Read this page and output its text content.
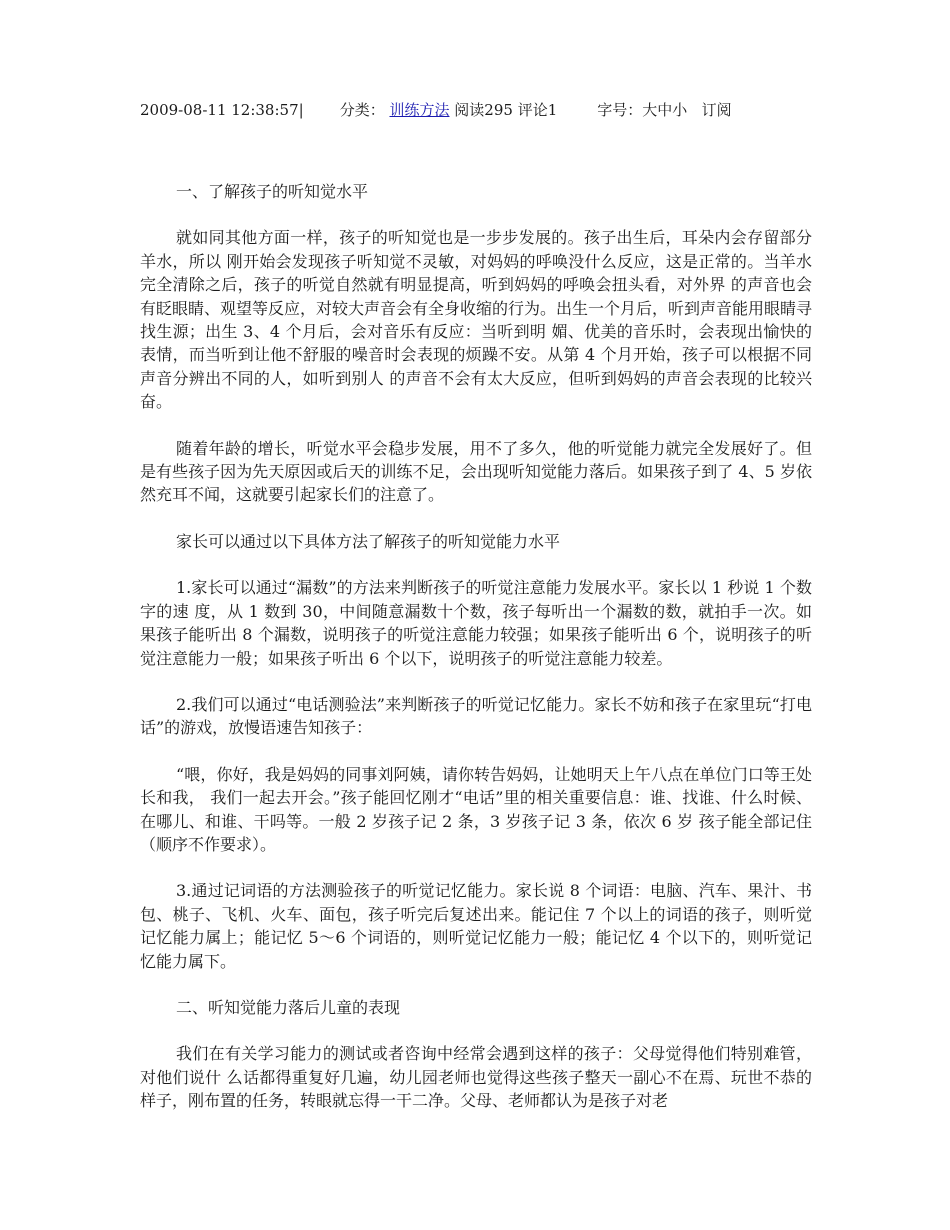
2009-08-11 12:38:57| 分类： 训练方法 阅读295 评论1	字号：大中小 订阅

一、了解孩子的听知觉水平

就如同其他方面一样，孩子的听知觉也是一步步发展的。孩子出生后，耳朵内会存留部分羊水，所以 刚开始会发现孩子听知觉不灵敏，对妈妈的呼唤没什么反应，这是正常的。当羊水完全清除之后，孩子的听觉自然就有明显提高，听到妈妈的呼唤会扭头看，对外界 的声音也会有眨眼睛、观望等反应，对较大声音会有全身收缩的行为。出生一个月后，听到声音能用眼睛寻找生源；出生 3、4 个月后，会对音乐有反应：当听到明 媚、优美的音乐时，会表现出愉快的表情，而当听到让他不舒服的噪音时会表现的烦躁不安。从第 4 个月开始，孩子可以根据不同声音分辨出不同的人，如听到别人 的声音不会有太大反应，但听到妈妈的声音会表现的比较兴奋。

随着年龄的增长，听觉水平会稳步发展，用不了多久，他的听觉能力就完全发展好了。但是有些孩子因为先天原因或后天的训练不足，会出现听知觉能力落后。如果孩子到了 4、5 岁依然充耳不闻，这就要引起家长们的注意了。

家长可以通过以下具体方法了解孩子的听知觉能力水平

1.家长可以通过“漏数”的方法来判断孩子的听觉注意能力发展水平。家长以 1 秒说 1 个数字的速 度，从 1 数到 30，中间随意漏数十个数，孩子每听出一个漏数的数，就拍手一次。如果孩子能听出 8 个漏数，说明孩子的听觉注意能力较强；如果孩子能听出 6 个，说明孩子的听觉注意能力一般；如果孩子听出 6 个以下，说明孩子的听觉注意能力较差。

2.我们可以通过“电话测验法”来判断孩子的听觉记忆能力。家长不妨和孩子在家里玩“打电话”的游戏，放慢语速告知孩子：

“喂，你好，我是妈妈的同事刘阿姨，请你转告妈妈，让她明天上午八点在单位门口等王处长和我， 我们一起去开会。”孩子能回忆刚才“电话”里的相关重要信息：谁、找谁、什么时候、在哪儿、和谁、干吗等。一般 2 岁孩子记 2 条，3 岁孩子记 3 条，依次 6 岁 孩子能全部记住（顺序不作要求）。

3.通过记词语的方法测验孩子的听觉记忆能力。家长说 8 个词语：电脑、汽车、果汁、书包、桃子、飞机、火车、面包，孩子听完后复述出来。能记住 7 个以上的词语的孩子，则听觉记忆能力属上；能记忆 5～6 个词语的，则听觉记忆能力一般；能记忆 4 个以下的，则听觉记忆能力属下。

二、听知觉能力落后儿童的表现

我们在有关学习能力的测试或者咨询中经常会遇到这样的孩子：父母觉得他们特别难管，对他们说什 么话都得重复好几遍，幼儿园老师也觉得这些孩子整天一副心不在焉、玩世不恭的样子，刚布置的任务，转眼就忘得一干二净。父母、老师都认为是孩子对老
